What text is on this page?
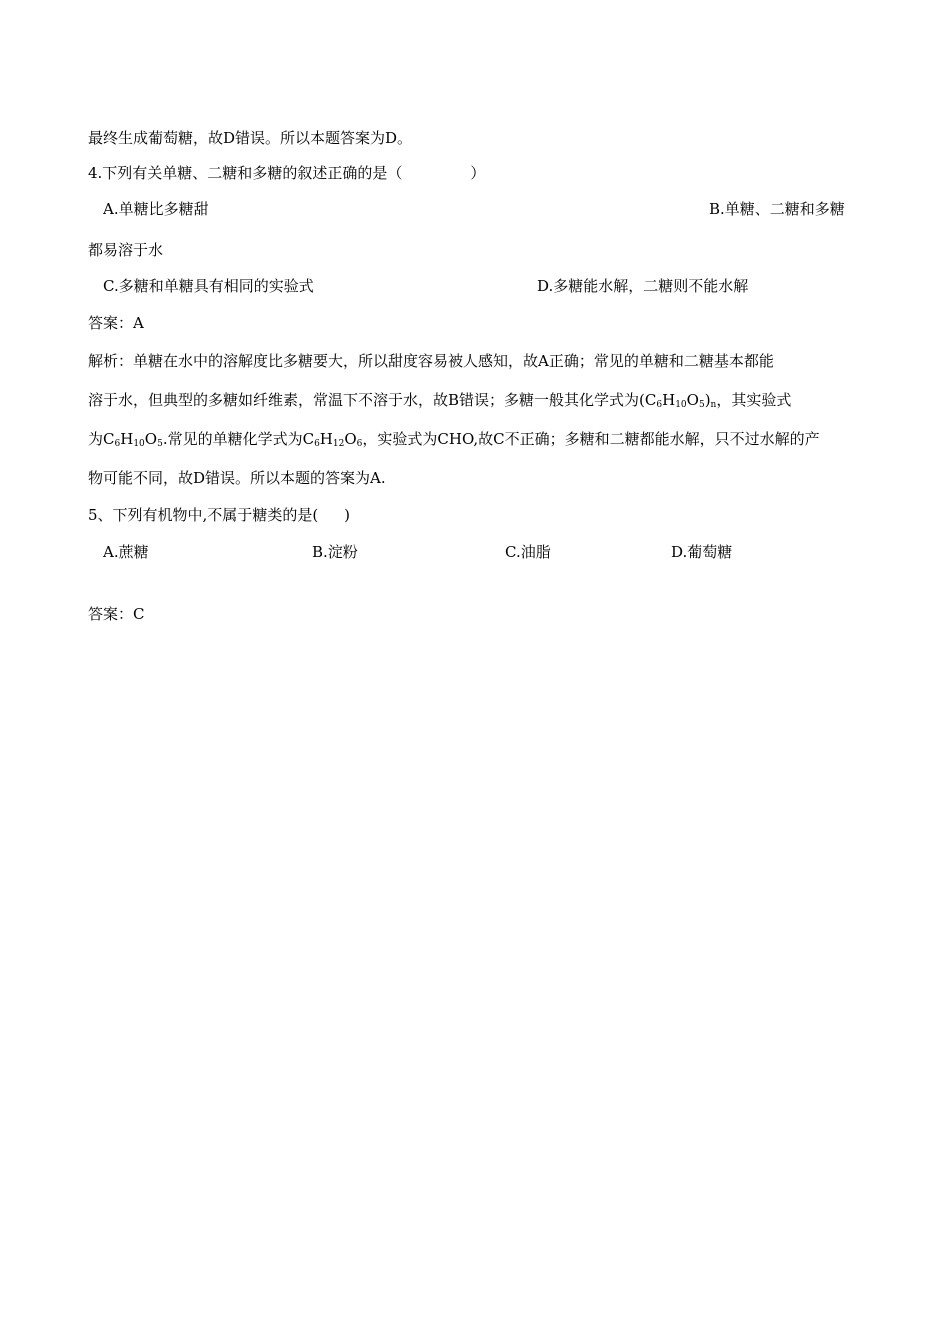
最终生成葡萄糖，故D错误。所以本题答案为D。
4.下列有关单糖、二糖和多糖的叙述正确的是（	）
A.单糖比多糖甜	B.单糖、二糖和多糖
都易溶于水
C.多糖和单糖具有相同的实验式	D.多糖能水解，二糖则不能水解
答案：A
解析：单糖在水中的溶解度比多糖要大，所以甜度容易被人感知，故A正确；常见的单糖和二糖基本都能
溶于水，但典型的多糖如纤维素，常温下不溶于水，故B错误；多糖一般其化学式为$(C_6H_{10}O_5)_n$，其实验式
为$C_6H_{10}O_5$.常见的单糖化学式为$C_6H_{12}O_6$，实验式为CHO,故C不正确；多糖和二糖都能水解，只不过水解的产
物可能不同，故D错误。所以本题的答案为A.
5、下列有机物中,不属于糖类的是( )
A.蔗糖	B.淀粉	C.油脂	D.葡萄糖
答案：C
